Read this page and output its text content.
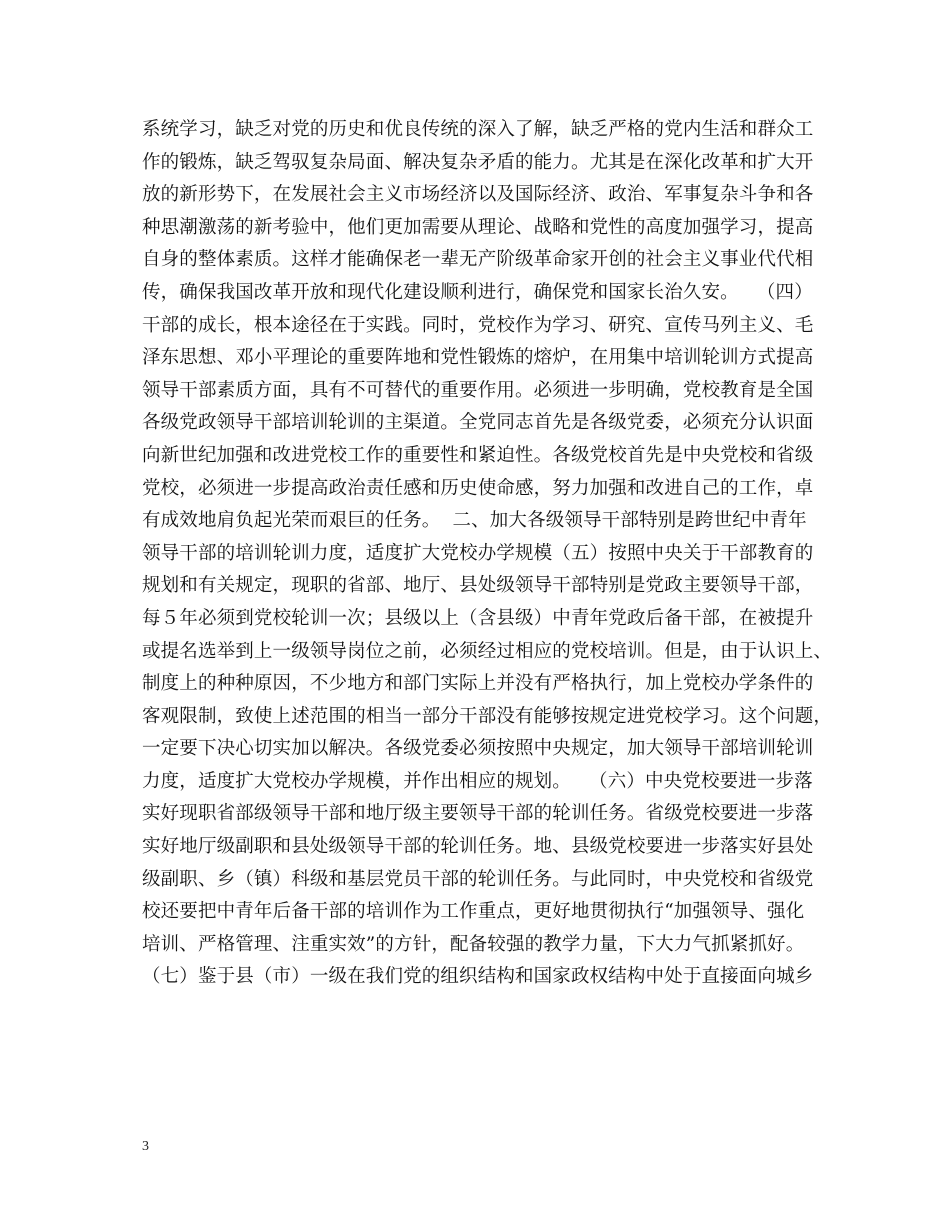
系统学习，缺乏对党的历史和优良传统的深入了解，缺乏严格的党内生活和群众工
作的锻炼，缺乏驾驭复杂局面、解决复杂矛盾的能力。尤其是在深化改革和扩大开
放的新形势下，在发展社会主义市场经济以及国际经济、政治、军事复杂斗争和各
种思潮激荡的新考验中，他们更加需要从理论、战略和党性的高度加强学习，提高
自身的整体素质。这样才能确保老一辈无产阶级革命家开创的社会主义事业代代相
传，确保我国改革开放和现代化建设顺利进行，确保党和国家长治久安。   （四）
干部的成长，根本途径在于实践。同时，党校作为学习、研究、宣传马列主义、毛
泽东思想、邓小平理论的重要阵地和党性锻炼的熔炉，在用集中培训轮训方式提高
领导干部素质方面，具有不可替代的重要作用。必须进一步明确，党校教育是全国
各级党政领导干部培训轮训的主渠道。全党同志首先是各级党委，必须充分认识面
向新世纪加强和改进党校工作的重要性和紧迫性。各级党校首先是中央党校和省级
党校，必须进一步提高政治责任感和历史使命感，努力加强和改进自己的工作，卓
有成效地肩负起光荣而艰巨的任务。  二、加大各级领导干部特别是跨世纪中青年
领导干部的培训轮训力度，适度扩大党校办学规模（五）按照中央关于干部教育的
规划和有关规定，现职的省部、地厅、县处级领导干部特别是党政主要领导干部，
每５年必须到党校轮训一次；县级以上（含县级）中青年党政后备干部，在被提升
或提名选举到上一级领导岗位之前，必须经过相应的党校培训。但是，由于认识上、
制度上的种种原因，不少地方和部门实际上并没有严格执行，加上党校办学条件的
客观限制，致使上述范围的相当一部分干部没有能够按规定进党校学习。这个问题，
一定要下决心切实加以解决。各级党委必须按照中央规定，加大领导干部培训轮训
力度，适度扩大党校办学规模，并作出相应的规划。   （六）中央党校要进一步落
实好现职省部级领导干部和地厅级主要领导干部的轮训任务。省级党校要进一步落
实好地厅级副职和县处级领导干部的轮训任务。地、县级党校要进一步落实好县处
级副职、乡（镇）科级和基层党员干部的轮训任务。与此同时，中央党校和省级党
校还要把中青年后备干部的培训作为工作重点，更好地贯彻执行“加强领导、强化
培训、严格管理、注重实效”的方针，配备较强的教学力量，下大力气抓紧抓好。
（七）鉴于县（市）一级在我们党的组织结构和国家政权结构中处于直接面向城乡
3
